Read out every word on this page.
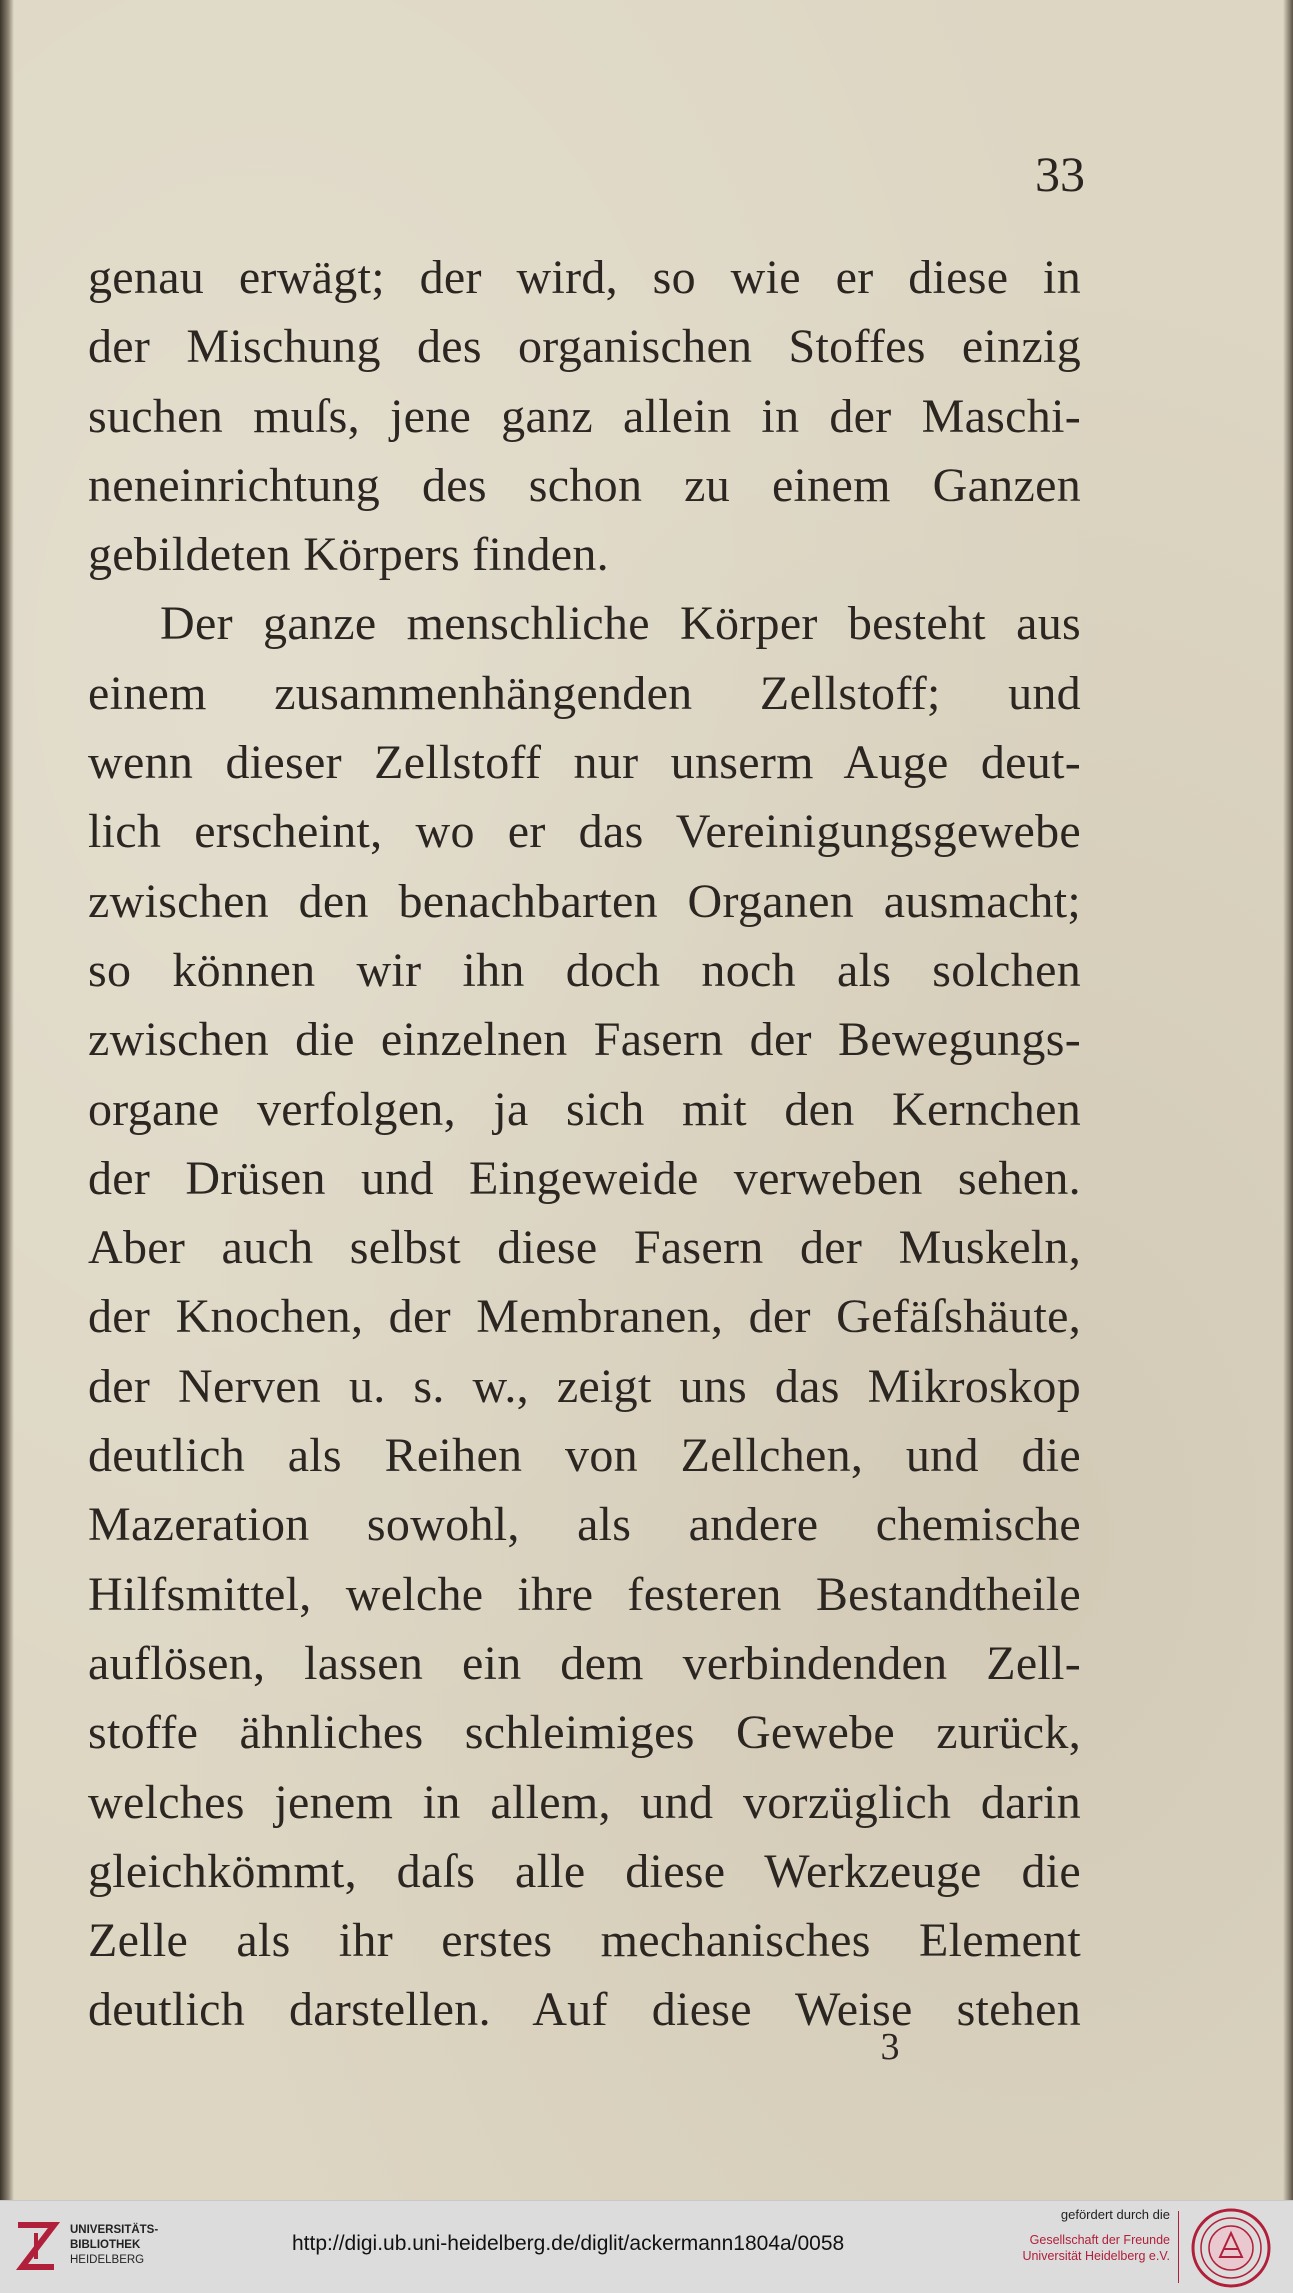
33
genau erwägt; der wird, so wie er diese in
der Mischung des organischen Stoffes einzig
suchen muſs, jene ganz allein in der Maschi-
neneinrichtung des schon zu einem Ganzen
gebildeten Körpers finden.
Der ganze menschliche Körper besteht aus
einem zusammenhängenden Zellstoff; und
wenn dieser Zellstoff nur unserm Auge deut-
lich erscheint, wo er das Vereinigungsgewebe
zwischen den benachbarten Organen ausmacht;
so können wir ihn doch noch als solchen
zwischen die einzelnen Fasern der Bewegungs-
organe verfolgen, ja sich mit den Kernchen
der Drüsen und Eingeweide verweben sehen.
Aber auch selbst diese Fasern der Muskeln,
der Knochen, der Membranen, der Gefäſshäute,
der Nerven u. s. w., zeigt uns das Mikroskop
deutlich als Reihen von Zellchen, und die
Mazeration sowohl, als andere chemische
Hilfsmittel, welche ihre festeren Bestandtheile
auflösen, lassen ein dem verbindenden Zell-
stoffe ähnliches schleimiges Gewebe zurück,
welches jenem in allem, und vorzüglich darin
gleichkömmt, daſs alle diese Werkzeuge die
Zelle als ihr erstes mechanisches Element
deutlich darstellen. Auf diese Weise stehen
3
UNIVERSITÄTS-
BIBLIOTHEK
HEIDELBERG
http://digi.ub.uni-heidelberg.de/diglit/ackermann1804a/0058
gefördert durch die
Gesellschaft der Freunde
Universität Heidelberg e.V.
